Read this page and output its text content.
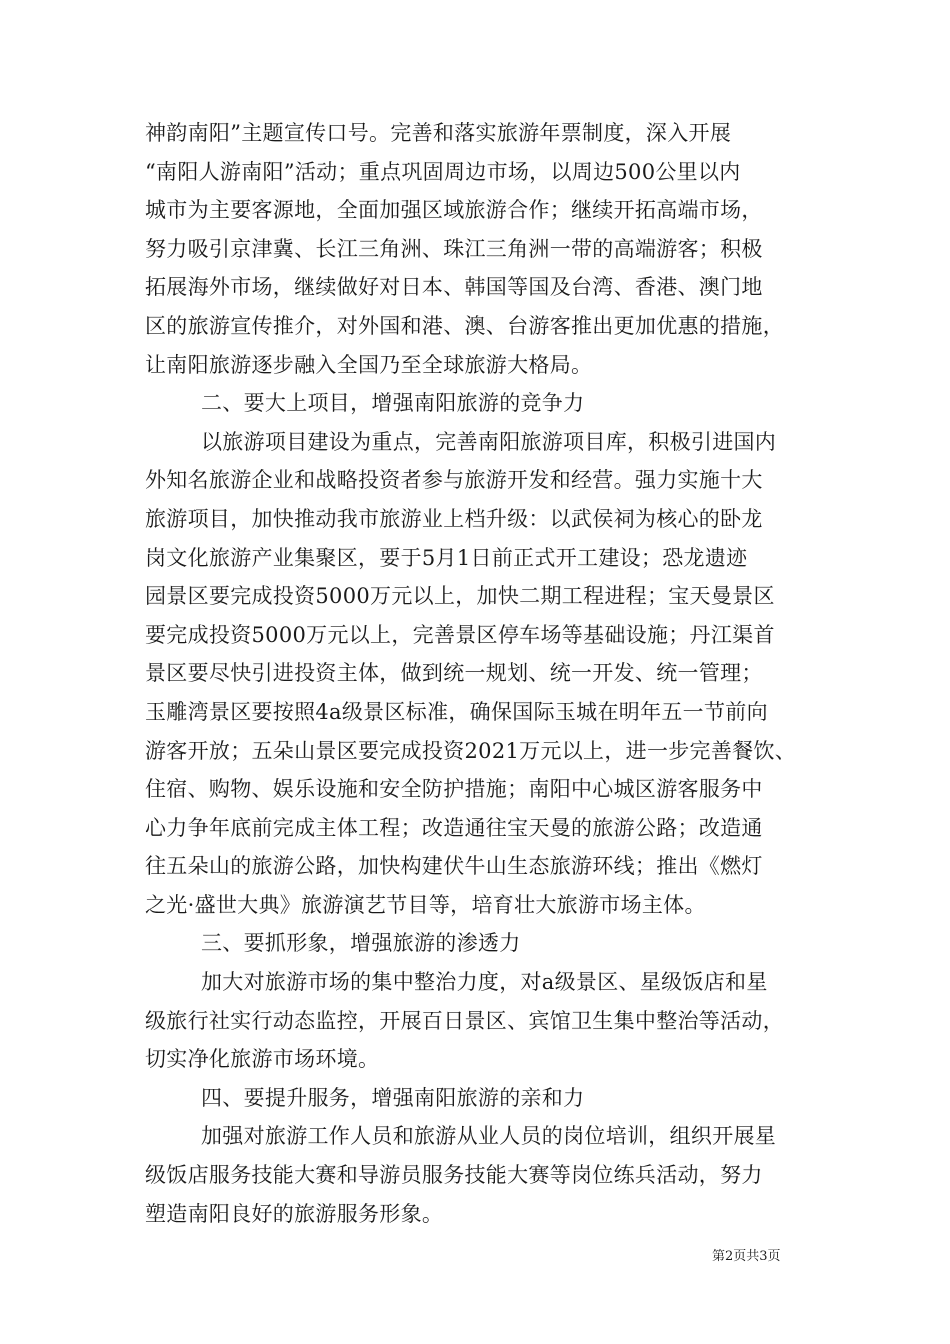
神韵南阳”主题宣传口号。完善和落实旅游年票制度，深入开展
“南阳人游南阳”活动；重点巩固周边市场，以周边500公里以内
城市为主要客源地，全面加强区域旅游合作；继续开拓高端市场，
努力吸引京津冀、长江三角洲、珠江三角洲一带的高端游客；积极
拓展海外市场，继续做好对日本、韩国等国及台湾、香港、澳门地
区的旅游宣传推介，对外国和港、澳、台游客推出更加优惠的措施，
让南阳旅游逐步融入全国乃至全球旅游大格局。
二、要大上项目，增强南阳旅游的竞争力
以旅游项目建设为重点，完善南阳旅游项目库，积极引进国内
外知名旅游企业和战略投资者参与旅游开发和经营。强力实施十大
旅游项目，加快推动我市旅游业上档升级：以武侯祠为核心的卧龙
岗文化旅游产业集聚区，要于5月1日前正式开工建设；恐龙遗迹
园景区要完成投资5000万元以上，加快二期工程进程；宝天曼景区
要完成投资5000万元以上，完善景区停车场等基础设施；丹江渠首
景区要尽快引进投资主体，做到统一规划、统一开发、统一管理；
玉雕湾景区要按照4a级景区标准，确保国际玉城在明年五一节前向
游客开放；五朵山景区要完成投资2021万元以上，进一步完善餐饮、
住宿、购物、娱乐设施和安全防护措施；南阳中心城区游客服务中
心力争年底前完成主体工程；改造通往宝天曼的旅游公路；改造通
往五朵山的旅游公路，加快构建伏牛山生态旅游环线；推出《燃灯
之光·盛世大典》旅游演艺节目等，培育壮大旅游市场主体。
三、要抓形象，增强旅游的渗透力
加大对旅游市场的集中整治力度，对a级景区、星级饭店和星
级旅行社实行动态监控，开展百日景区、宾馆卫生集中整治等活动，
切实净化旅游市场环境。
四、要提升服务，增强南阳旅游的亲和力
加强对旅游工作人员和旅游从业人员的岗位培训，组织开展星
级饭店服务技能大赛和导游员服务技能大赛等岗位练兵活动，努力
塑造南阳良好的旅游服务形象。
第2页共3页
